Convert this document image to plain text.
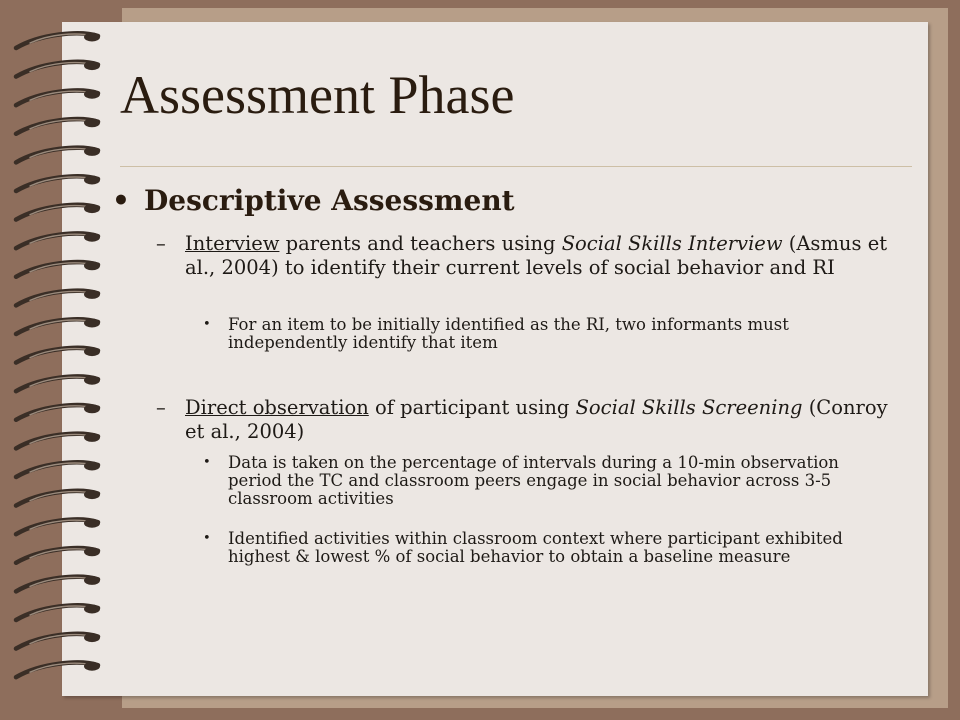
Assessment Phase

• Descriptive Assessment

– Interview parents and teachers using Social Skills Interview (Asmus et al., 2004) to identify their current levels of social behavior and RI

• For an item to be initially identified as the RI, two informants must independently identify that item

– Direct observation of participant using Social Skills Screening (Conroy et al., 2004)

• Data is taken on the percentage of intervals during a 10-min observation period the TC and classroom peers engage in social behavior across 3-5 classroom activities

• Identified activities within classroom context where participant exhibited highest & lowest % of social behavior to obtain a baseline measure
